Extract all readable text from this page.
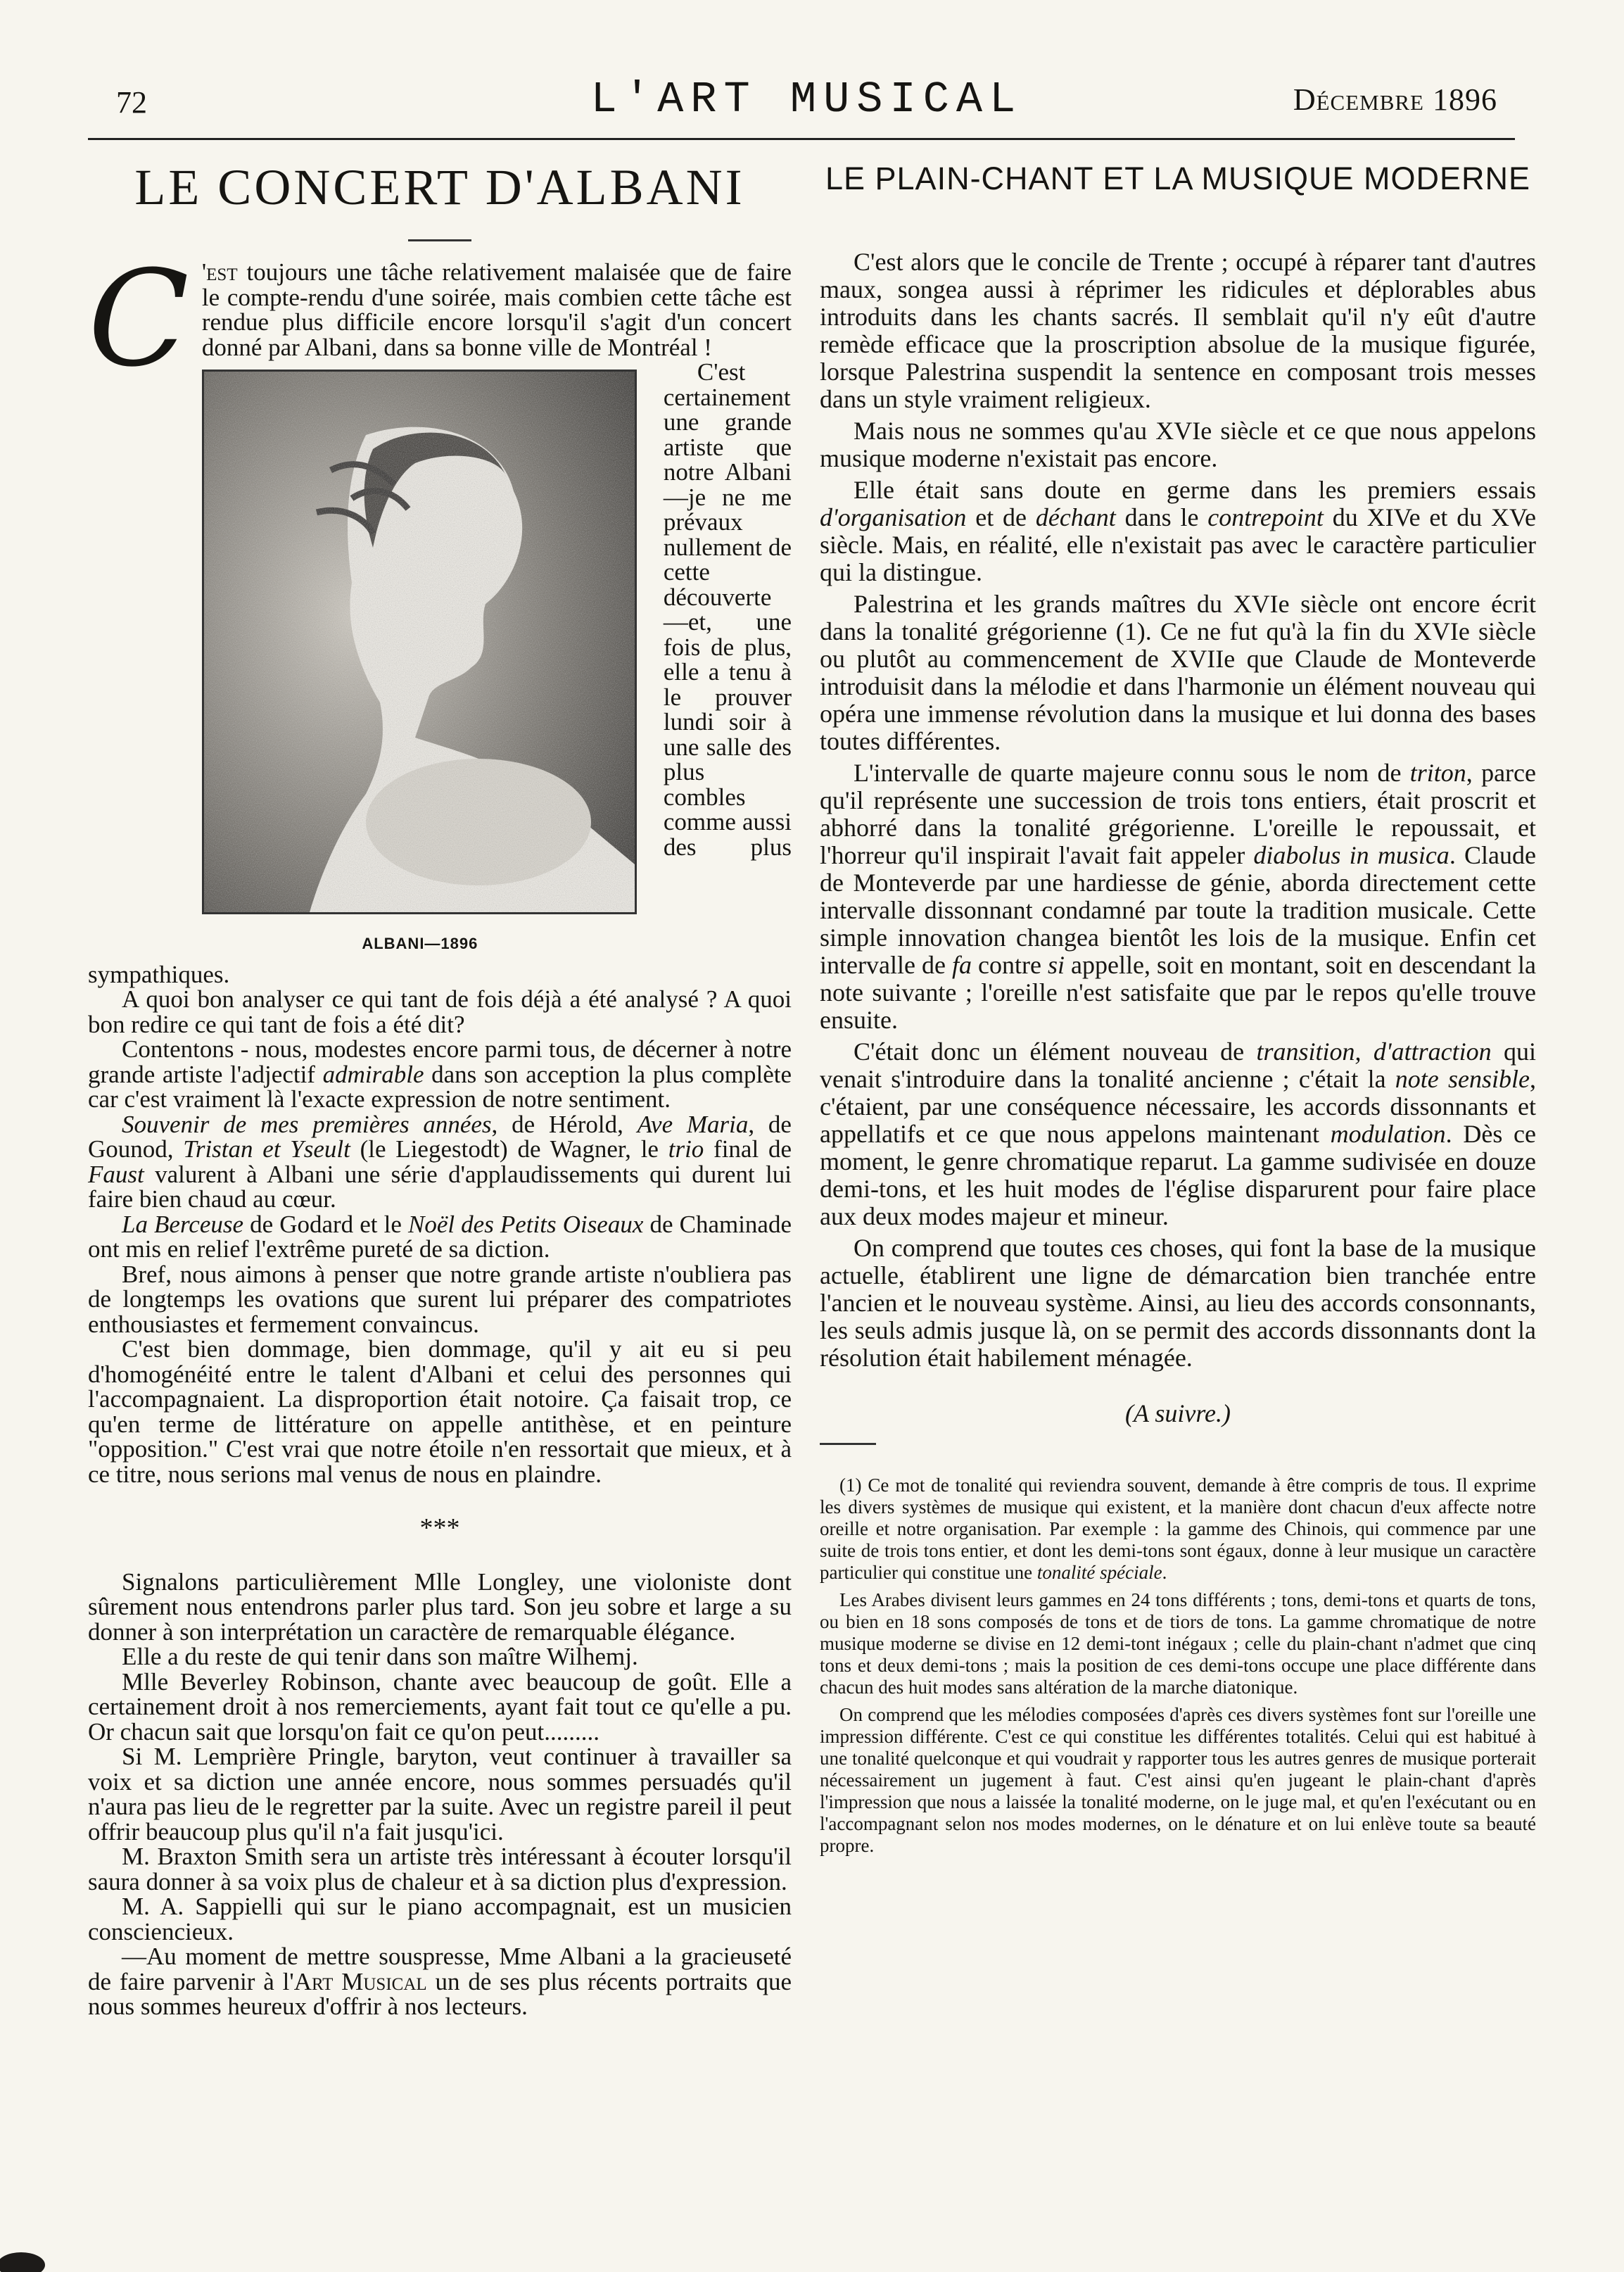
72	L'ART MUSICAL	Décembre 1896
LE CONCERT D'ALBANI
C 'est toujours une tâche relativement malaisée que de faire le compte-rendu d'une soirée, mais combien cette tâche est rendue plus difficile encore lorsqu'il s'agit d'un concert donné par Albani, dans sa bonne ville de Montréal !
ALBANI—1896

C'est certainement une grande artiste que notre Albani—je ne me prévaux nullement de cette découverte—et, une fois de plus, elle a tenu à le prouver lundi soir à une salle des plus combles comme aussi des plus sympathiques.

A quoi bon analyser ce qui tant de fois déjà a été analysé ? A quoi bon redire ce qui tant de fois a été dit?

Contentons - nous, modestes encore parmi tous, de décerner à notre grande artiste l'adjectif admirable dans son acception la plus complète car c'est vraiment là l'exacte expression de notre sentiment.

Souvenir de mes premières années, de Hérold, Ave Maria, de Gounod, Tristan et Yseult (le Liegestodt) de Wagner, le trio final de Faust valurent à Albani une série d'applaudissements qui durent lui faire bien chaud au cœur.

La Berceuse de Godard et le Noël des Petits Oiseaux de Chaminade ont mis en relief l'extrême pureté de sa diction.

Bref, nous aimons à penser que notre grande artiste n'oubliera pas de longtemps les ovations que surent lui préparer des compatriotes enthousiastes et fermement convaincus.

C'est bien dommage, bien dommage, qu'il y ait eu si peu d'homogénéité entre le talent d'Albani et celui des personnes qui l'accompagnaient. La disproportion était notoire. Ça faisait trop, ce qu'en terme de littérature on appelle antithèse, et en peinture "opposition." C'est vrai que notre étoile n'en ressortait que mieux, et à ce titre, nous serions mal venus de nous en plaindre.

***

Signalons particulièrement Mlle Longley, une violoniste dont sûrement nous entendrons parler plus tard. Son jeu sobre et large a su donner à son interprétation un caractère de remarquable élégance.

Elle a du reste de qui tenir dans son maître Wilhemj.

Mlle Beverley Robinson, chante avec beaucoup de goût. Elle a certainement droit à nos remerciements, ayant fait tout ce qu'elle a pu. Or chacun sait que lorsqu'on fait ce qu'on peut.........

Si M. Lemprière Pringle, baryton, veut continuer à travailler sa voix et sa diction une année encore, nous sommes persuadés qu'il n'aura pas lieu de le regretter par la suite. Avec un registre pareil il peut offrir beaucoup plus qu'il n'a fait jusqu'ici.

M. Braxton Smith sera un artiste très intéressant à écouter lorsqu'il saura donner à sa voix plus de chaleur et à sa diction plus d'expression.

M. A. Sappielli qui sur le piano accompagnait, est un musicien consciencieux.

—Au moment de mettre souspresse, Mme Albani a la gracieuseté de faire parvenir à l'Art Musical un de ses plus récents portraits que nous sommes heureux d'offrir à nos lecteurs.

LE PLAIN-CHANT ET LA MUSIQUE MODERNE

C'est alors que le concile de Trente ; occupé à réparer tant d'autres maux, songea aussi à réprimer les ridicules et déplorables abus introduits dans les chants sacrés. Il semblait qu'il n'y eût d'autre remède efficace que la proscription absolue de la musique figurée, lorsque Palestrina suspendit la sentence en composant trois messes dans un style vraiment religieux.

Mais nous ne sommes qu'au XVIe siècle et ce que nous appelons musique moderne n'existait pas encore.

Elle était sans doute en germe dans les premiers essais d'organisation et de déchant dans le contrepoint du XIVe et du XVe siècle. Mais, en réalité, elle n'existait pas avec le caractère particulier qui la distingue.

Palestrina et les grands maîtres du XVIe siècle ont encore écrit dans la tonalité grégorienne (1). Ce ne fut qu'à la fin du XVIe siècle ou plutôt au commencement de XVIIe que Claude de Monteverde introduisit dans la mélodie et dans l'harmonie un élément nouveau qui opéra une immense révolution dans la musique et lui donna des bases toutes différentes.

L'intervalle de quarte majeure connu sous le nom de triton, parce qu'il représente une succession de trois tons entiers, était proscrit et abhorré dans la tonalité grégorienne. L'oreille le repoussait, et l'horreur qu'il inspirait l'avait fait appeler diabolus in musica. Claude de Monteverde par une hardiesse de génie, aborda directement cette intervalle dissonnant condamné par toute la tradition musicale. Cette simple innovation changea bientôt les lois de la musique. Enfin cet intervalle de fa contre si appelle, soit en montant, soit en descendant la note suivante ; l'oreille n'est satisfaite que par le repos qu'elle trouve ensuite.

C'était donc un élément nouveau de transition, d'attraction qui venait s'introduire dans la tonalité ancienne ; c'était la note sensible, c'étaient, par une conséquence nécessaire, les accords dissonnants et appellatifs et ce que nous appelons maintenant modulation. Dès ce moment, le genre chromatique reparut. La gamme sudivisée en douze demi-tons, et les huit modes de l'église disparurent pour faire place aux deux modes majeur et mineur.

On comprend que toutes ces choses, qui font la base de la musique actuelle, établirent une ligne de démarcation bien tranchée entre l'ancien et le nouveau système. Ainsi, au lieu des accords consonnants, les seuls admis jusque là, on se permit des accords dissonnants dont la résolution était habilement ménagée.

(A suivre.)

(1) Ce mot de tonalité qui reviendra souvent, demande à être compris de tous. Il exprime les divers systèmes de musique qui existent, et la manière dont chacun d'eux affecte notre oreille et notre organisation. Par exemple : la gamme des Chinois, qui commence par une suite de trois tons entier, et dont les demi-tons sont égaux, donne à leur musique un caractère particulier qui constitue une tonalité spéciale.

Les Arabes divisent leurs gammes en 24 tons différents ; tons, demi-tons et quarts de tons, ou bien en 18 sons composés de tons et de tiors de tons. La gamme chromatique de notre musique moderne se divise en 12 demi-tont inégaux ; celle du plain-chant n'admet que cinq tons et deux demi-tons ; mais la position de ces demi-tons occupe une place différente dans chacun des huit modes sans altération de la marche diatonique.

On comprend que les mélodies composées d'après ces divers systèmes font sur l'oreille une impression différente. C'est ce qui constitue les différentes totalités. Celui qui est habitué à une tonalité quelconque et qui voudrait y rapporter tous les autres genres de musique porterait nécessairement un jugement à faut. C'est ainsi qu'en jugeant le plain-chant d'après l'impression que nous a laissée la tonalité moderne, on le juge mal, et qu'en l'exécutant ou en l'accompagnant selon nos modes modernes, on le dénature et on lui enlève toute sa beauté propre.
